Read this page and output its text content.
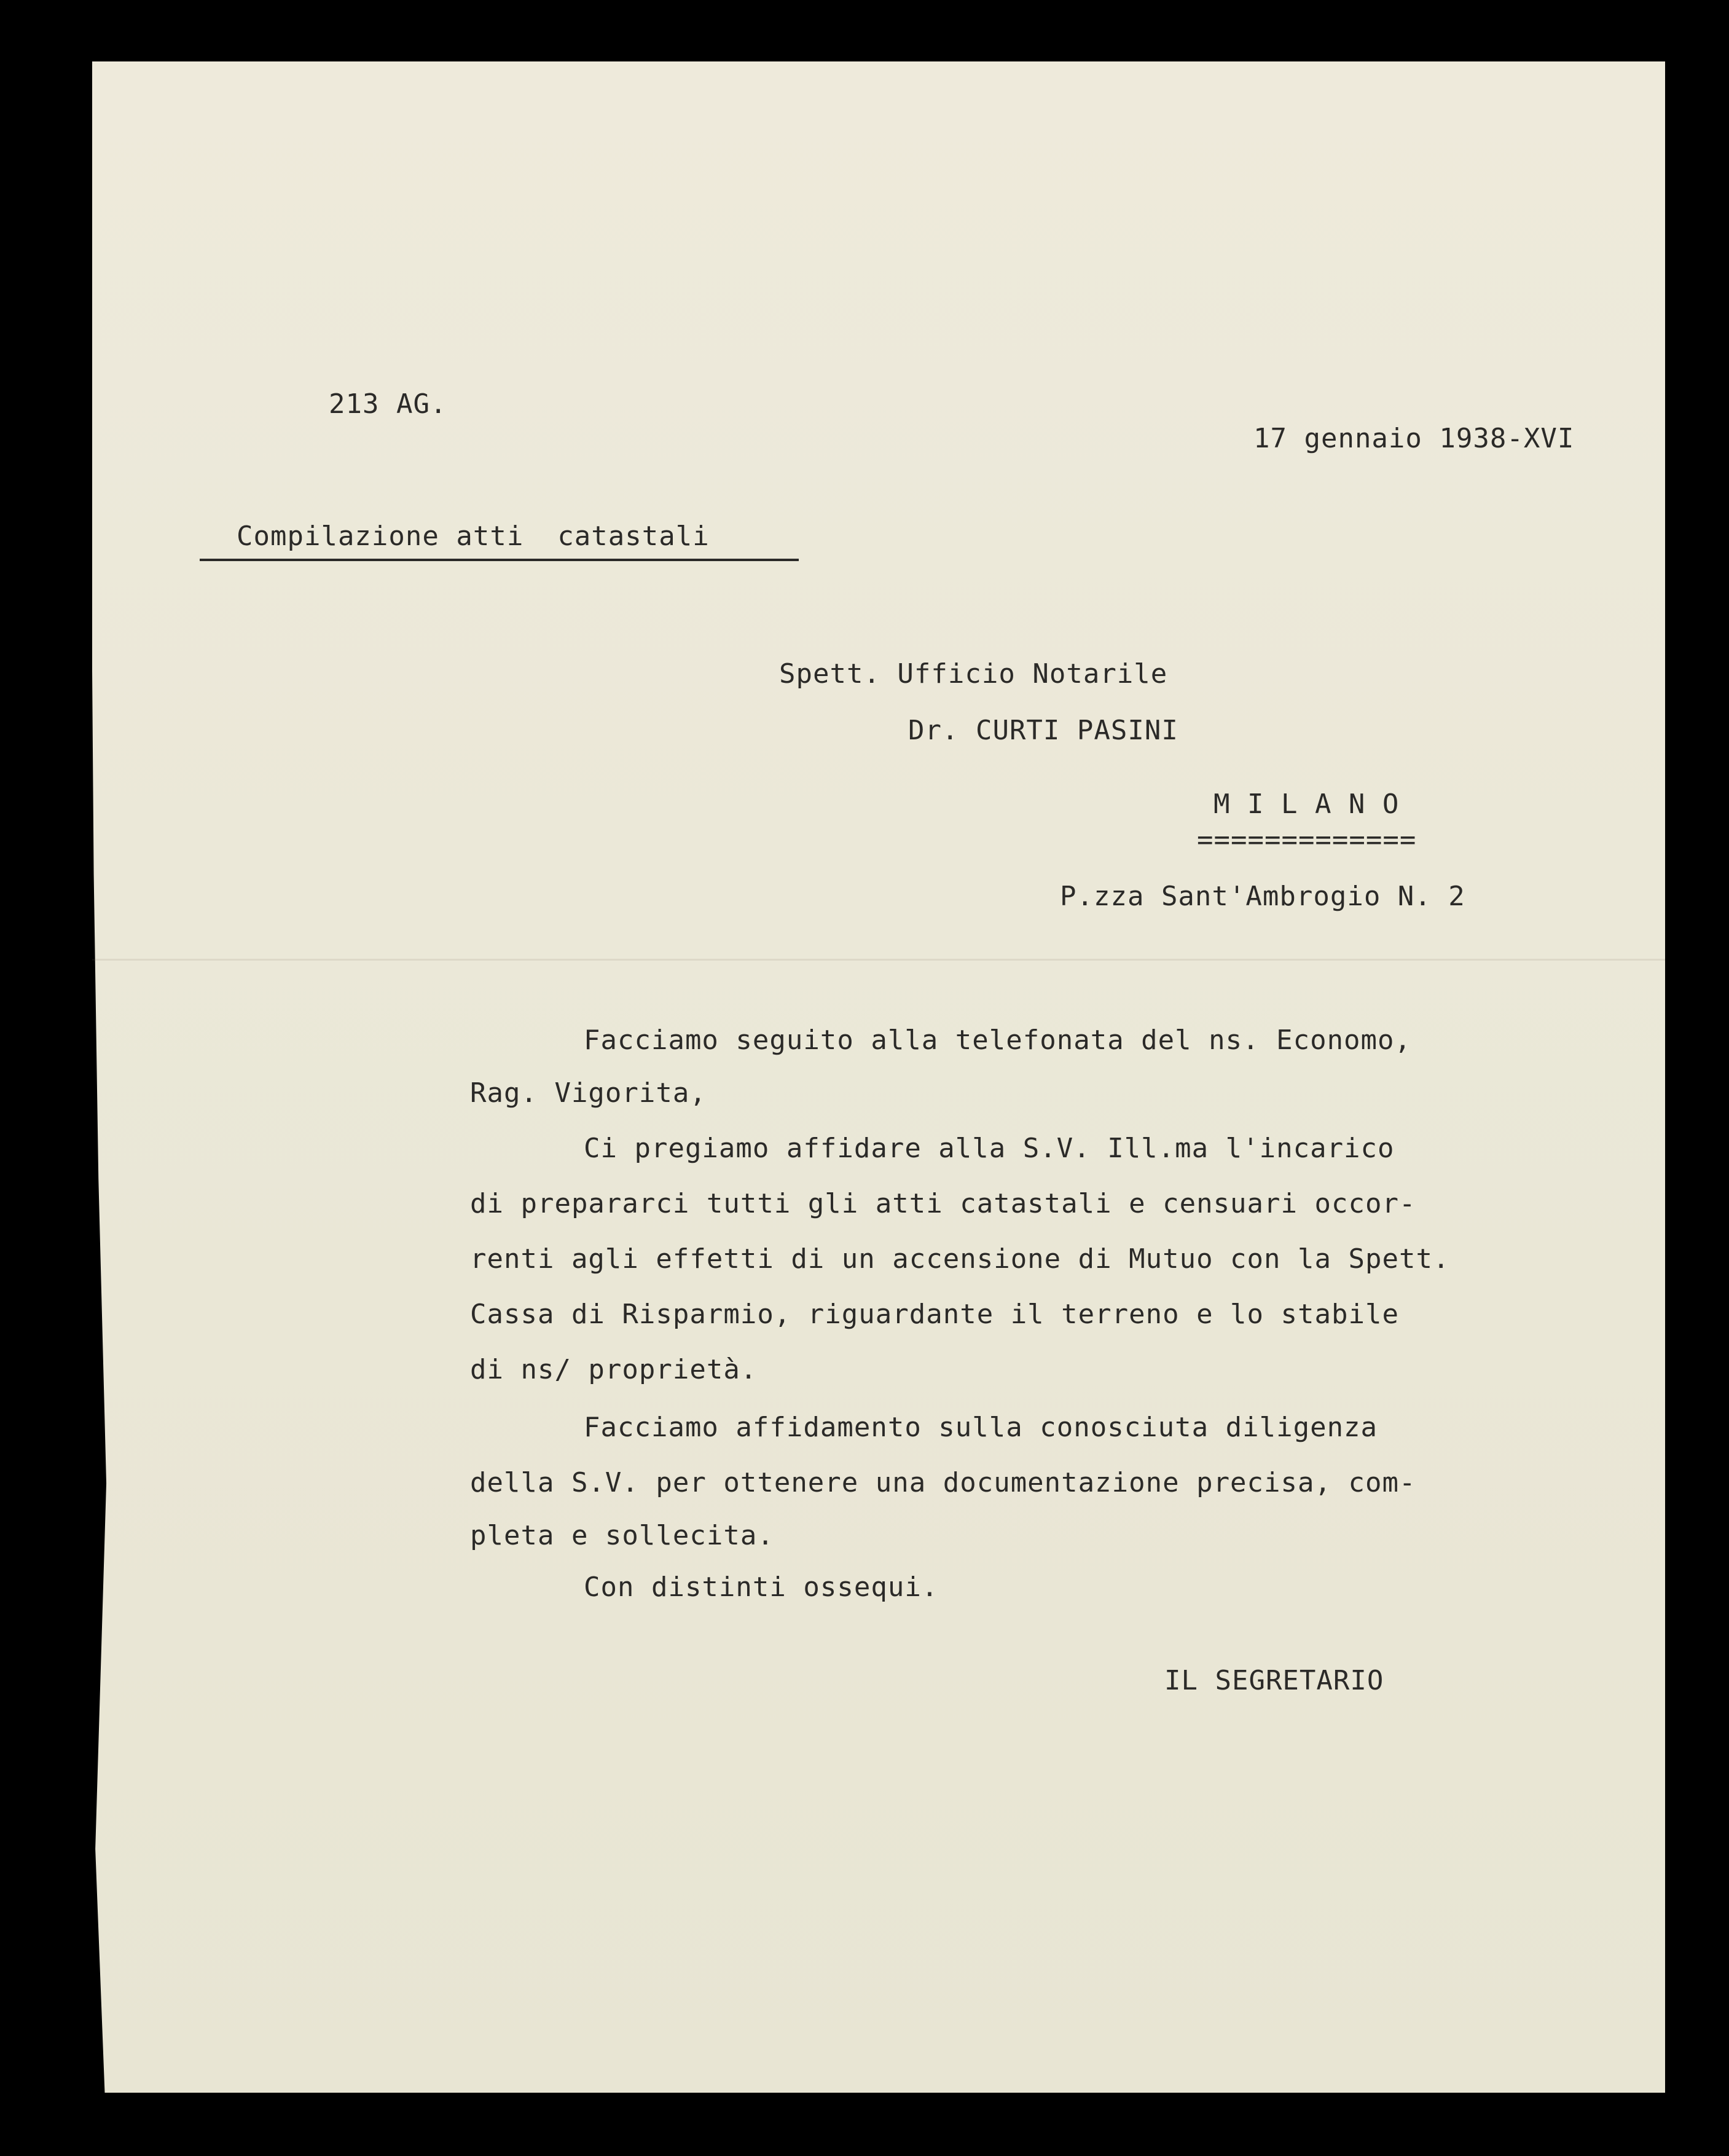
213 AG.
17 gennaio 1938-XVI
Compilazione atti  catastali
Spett. Ufficio Notarile
Dr. CURTI PASINI
M I L A N O
=============
P.zza Sant'Ambrogio N. 2
Facciamo seguito alla telefonata del ns. Economo,
Rag. Vigorita,
Ci pregiamo affidare alla S.V. Ill.ma l'incarico
di prepararci tutti gli atti catastali e censuari occor-
renti agli effetti di un accensione di Mutuo con la Spett.
Cassa di Risparmio, riguardante il terreno e lo stabile
di ns/ proprietà.
Facciamo affidamento sulla conosciuta diligenza
della S.V. per ottenere una documentazione precisa, com-
pleta e sollecita.
Con distinti ossequi.
IL SEGRETARIO
